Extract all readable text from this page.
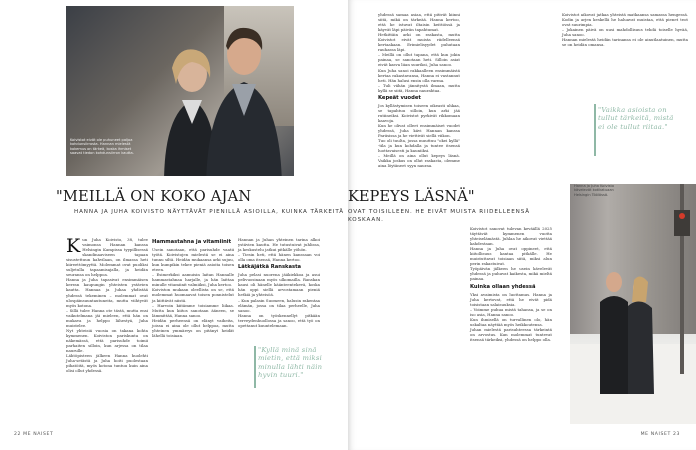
Koivistot eivät ole puhuneet paljoa kohdunsiirrosta. Hannan mielestä kokemus on tärkeä, koska ihmiset saavat tiedon kohdunsiirron kautta.
"MEILLÄ ON KOKO AJAN
HANNA JA JUHA KOIVISTO NÄYTTÄVÄT PIENILLÄ ASIOILLA, KUINKA TÄRKEITÄ

Kun Juha Koivisto, 38, tulee vaimonsa Hannan kanssa Helsingin Kampissa tyypillisessä skandinaaviseen tapaan sisustettuun kahvilaan, on ilmassa heti kiireettömyyttä. Molemmat ovat puoliksi suljetulla tapaamisajalla, ja heidän seuransa on helppoa.

Hanna ja Juha tapasivat ensimmäisen kerran kaupungin yhteisten ystävien kautta. Hannaa ja Juhaa yhdistää yhdessä tekeminen – molemmat ovat ulospäinsuuntautuneita, mutta viihtyvät myös kotona.

– Sillä tulee Hanna ote tästä, mutta ensi vaikutelmana jäi mieleen, että hän on mukava ja helppo lähestyä, Juha muistelee.

Nyt yhteisiä vuosia on takana kohta kymmenen. Koiviston pariskunta on näkemässä, että parisuhde toimii parhaiten silloin, kun arjessa on tilaa naurulle.

Lähtöpisteen jälkeen Hanna huolehti Juha-setästä ja Juha hoiti puolestaan pihatöitä, myös kotona tuntuu kuin aina olisi ollut yhdessä.

Hammastahna ja vitamiinit

Usein sanotaan, että parisuhde vaatii työtä. Koivistojen mielestä se ei aina tunnu siltä. Heidän mukaansa arki sujuu, kun kumpikin tekee pieniä asioita toisen eteen.

– Esimerkiksi aamuisin laitan Hannalle hammastahnaa harjalle, ja hän laittaa minulle vitamiinit valmiiksi, Juha kertoo.

Koiviston mukaan oleellista on se, että molemmat huomaavat toisen ponnistelut ja kiittävät niistä.

– Harvoin kiitämme toisiamme liikaa. Mutta kun kiitos sanotaan ääneen, se lämmittää, Hanna sanoo.

Heidän perheensä on elänyt vaiheita, joissa ei aina ole ollut helppoa, mutta yhteinen ymmärrys on pitänyt heidät lähellä toisiaan.

Hannan ja Juhan yhteinen tarina alkoi ystävien kautta. He tutustuivat juhlissa, ja keskustelu jatkui pitkälle yöhön.

– Tiesin heti, että hänen kanssaan voi olla oma itsensä, Hanna kertoo.

Lätkäjätkä Ranskasta

Juha pelasi nuorena jääkiekkoa ja asui pelivuosinaan myös ulkomailla. Ranskan kausi oli hänelle käänteentekevä, koska hän oppi siellä arvostamaan pieniä hetkiä ja yhteisöä.

– Kun palasin Suomeen, halusin rakentaa elämän, jossa on tilaa perheelle, Juha sanoo.

Hanna on työskennellyt pitkään terveydenhuollossa ja sanoo, että työ on opettanut kuuntelemaan.

"Kyllä minä sinä mietin, että miksi minulla lähti näin hyvin tuuri."
22 ME NAISET
KEPEYS LÄSNÄ"
OVAT TOISILLEEN. HE EIVÄT MUISTA RIIDELLEENSÄ KOSKAAN.

yhdessä samaa asiaa, että pitivät kiinni siitä, mikä on tärkeää. Hanna kertoo, että he istuvat iltaisin keittiössä ja käyvät läpi päivän tapahtumat.

Hetkittäin arki on raskasta, mutta Koivistot eivät muista riidelleensä kertaakaan. Erimielisyydet puhutaan rauhassa läpi.

– Meillä on ollut tapana, että kun jokin painaa, se sanotaan heti. Silloin asiat eivät kasva liian suuriksi, Juha sanoo.

Kun Juha sanoi rakkaalleen ensimmäistä kertaa rakastavansa, Hanna ei vastannut heti. Hän halusi ensin olla varma.

– Tuli vähän jännitystä ilmaan, mutta kyllä se siitä, Hanna naurahtaa.

Kepeät vuodet

Jos kyllästymisen toiseen oikeasti uhkaa, se tapahtuu silloin, kun arki jää rutiineiksi. Koivistot pyrkivät rikkomaan kaavoja.

Kun he olivat olleet ensimmäiset vuodet yhdessä, Juha kävi Hannan kanssa Pariisissa ja he viettivät siellä viikon.

Tuo oli tuulta, jossa muuttuu "okei kyllä" -tila ja kun kohdalla ja tuntee itsensä luottavaisesti ja kauniiksi.

– Meillä on aina ollut kepeys läsnä. Vaikka joskus on ollut raskasta, olemme aina löytäneet syyn nauraa.

Koivistot sanovat tulevan keväällä 2025 täyttävät kymmenen vuotta yhteiselämästä. Juhlaa he aikovat viettää kahdestaan.

Hanna ja Juha ovat oppineet, että kiitollisuus kantaa pitkälle. He muistuttavat toisiaan siitä, miksi alun perin rakastuivat.

Työpäivän jälkeen he usein kävelevät yhdessä ja puhuvat kaikesta, mikä mieltä painaa.

Kuinka ollaan yhdessä

Yksi avaimista on luottamus. Hanna ja Juha kertovat, että he eivät pidä toisistaan salaisuuksia.

– Voimme puhua mistä tahansa, ja se on iso asia, Hanna sanoo.

Kun ihmisellä on turvallinen olo, hän uskaltaa näyttää myös heikkoutensa.

Juhan mielestä parisuhteessa tärkeintä on arvostus. Kun molemmat tuntevat itsensä tärkeiksi, yhdessä on helppo olla.

Koivistot aikovat jatkaa yhteistä matkaansa samassa hengessä. Kodin ja arjen keskellä he haluavat muistaa, että pienet teot ovat suurimpia.

– Jokainen päivä on uusi mahdollisuus tehdä toiselle hyvää, Juha sanoo.

Hannan mielestä heidän tarinansa ei ole ainutlaatuinen, mutta se on heidän omansa.

"Vaikka asioista on tullut tärkeitä, mistä ei ole tullut riitaa."
Hanna ja Juha Koivisto kävelevät kotikatuaan Helsingin Töölössä.
ME NAISET 23
